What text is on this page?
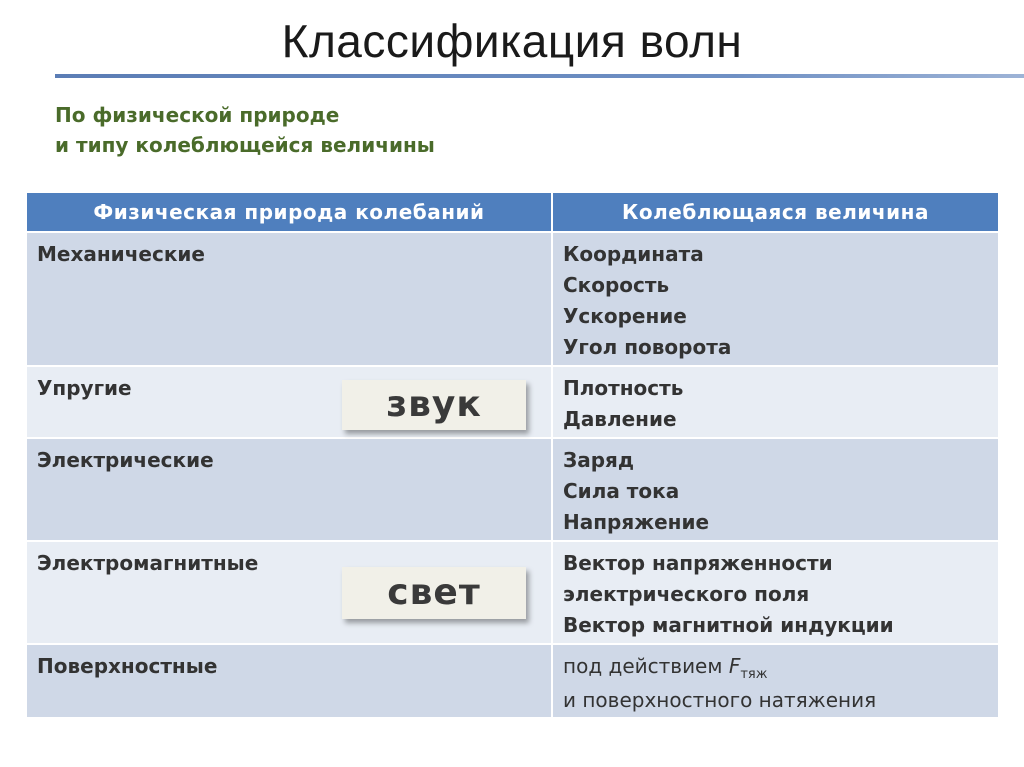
Классификация волн
По физической природе
и типу колеблющейся величины
Физическая природа колебаний	Колеблющаяся величина
Механические	Координата
Скорость
Ускорение
Угол поворота

Упругие	Плотность
Давление

Электрические	Заряд
Сила тока
Напряжение

Электромагнитные	Вектор напряженности
электрического поля
Вектор магнитной индукции

Поверхностные	под действием $F_{тяж}$
и поверхностного натяжения
звук
свет
